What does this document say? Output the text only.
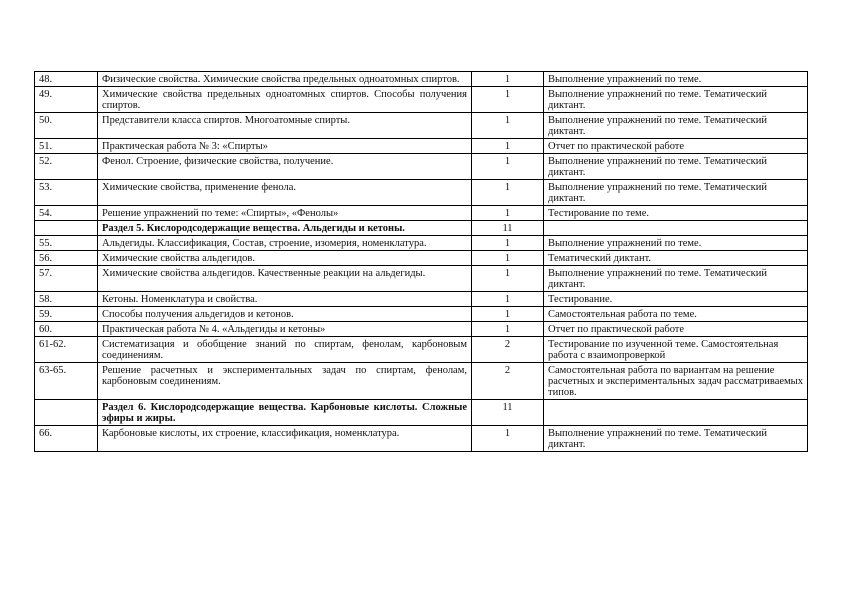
48.	Физические свойства. Химические свойства предельных одноатомных спиртов.	1	Выполнение упражнений по теме.
49.	Химические свойства предельных одноатомных спиртов. Способы получения спиртов.	1	Выполнение упражнений по теме. Тематический диктант.
50.	Представители класса спиртов. Многоатомные спирты.	1	Выполнение упражнений по теме. Тематический диктант.
51.	Практическая работа № 3: «Спирты»	1	Отчет по практической работе
52.	Фенол. Строение, физические свойства, получение.	1	Выполнение упражнений по теме. Тематический диктант.
53.	Химические свойства, применение фенола.	1	Выполнение упражнений по теме. Тематический диктант.
54.	Решение упражнений по теме: «Спирты», «Фенолы»	1	Тестирование по теме.
	Раздел 5. Кислородсодержащие вещества. Альдегиды и кетоны.	11	
55.	Альдегиды. Классификация, Состав, строение, изомерия, номенклатура.	1	Выполнение упражнений по теме.
56.	Химические свойства альдегидов.	1	Тематический диктант.
57.	Химические свойства альдегидов. Качественные реакции на альдегиды.	1	Выполнение упражнений по теме. Тематический диктант.
58.	Кетоны. Номенклатура и свойства.	1	Тестирование.
59.	Способы получения альдегидов и кетонов.	1	Самостоятельная работа по теме.
60.	Практическая работа № 4. «Альдегиды и кетоны»	1	Отчет по практической работе
61-62.	Систематизация и обобщение знаний по спиртам, фенолам, карбоновым соединениям.	2	Тестирование по изученной теме. Самостоятельная работа с взаимопроверкой
63-65.	Решение расчетных и экспериментальных задач по спиртам, фенолам, карбоновым соединениям.	2	Самостоятельная работа по вариантам на решение расчетных и экспериментальных задач рассматриваемых типов.
	Раздел 6. Кислородсодержащие вещества. Карбоновые кислоты. Сложные эфиры и жиры.	11	
66.	Карбоновые кислоты, их строение, классификация, номенклатура.	1	Выполнение упражнений по теме. Тематический диктант.
